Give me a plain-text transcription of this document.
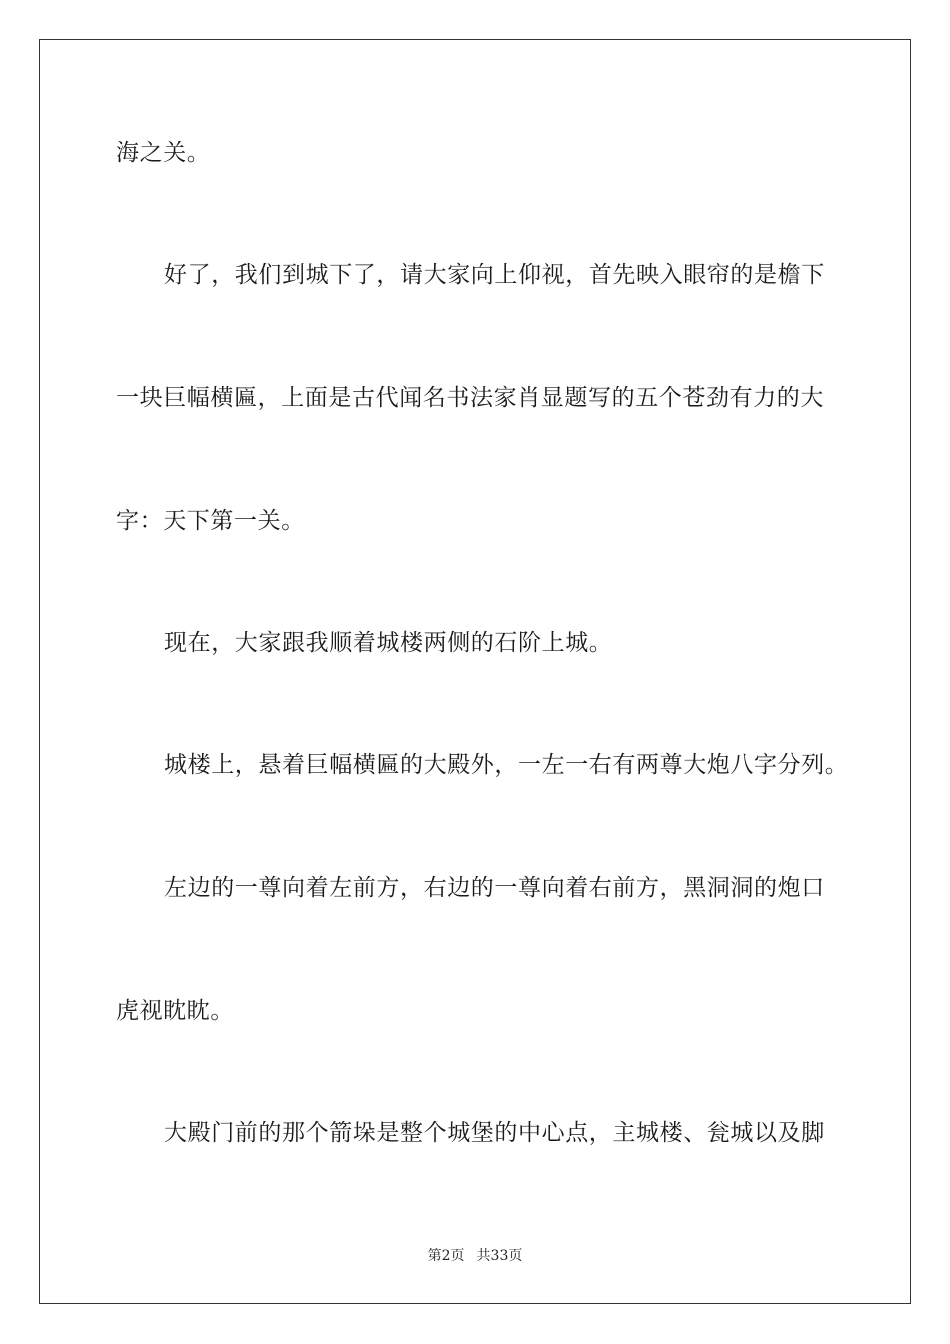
海之关。
好了，我们到城下了，请大家向上仰视，首先映入眼帘的是檐下
一块巨幅横匾，上面是古代闻名书法家肖显题写的五个苍劲有力的大
字：天下第一关。
现在，大家跟我顺着城楼两侧的石阶上城。
城楼上，悬着巨幅横匾的大殿外，一左一右有两尊大炮八字分列。
左边的一尊向着左前方，右边的一尊向着右前方，黑洞洞的炮口
虎视眈眈。
大殿门前的那个箭垛是整个城堡的中心点，主城楼、瓮城以及脚
第2页 共33页
